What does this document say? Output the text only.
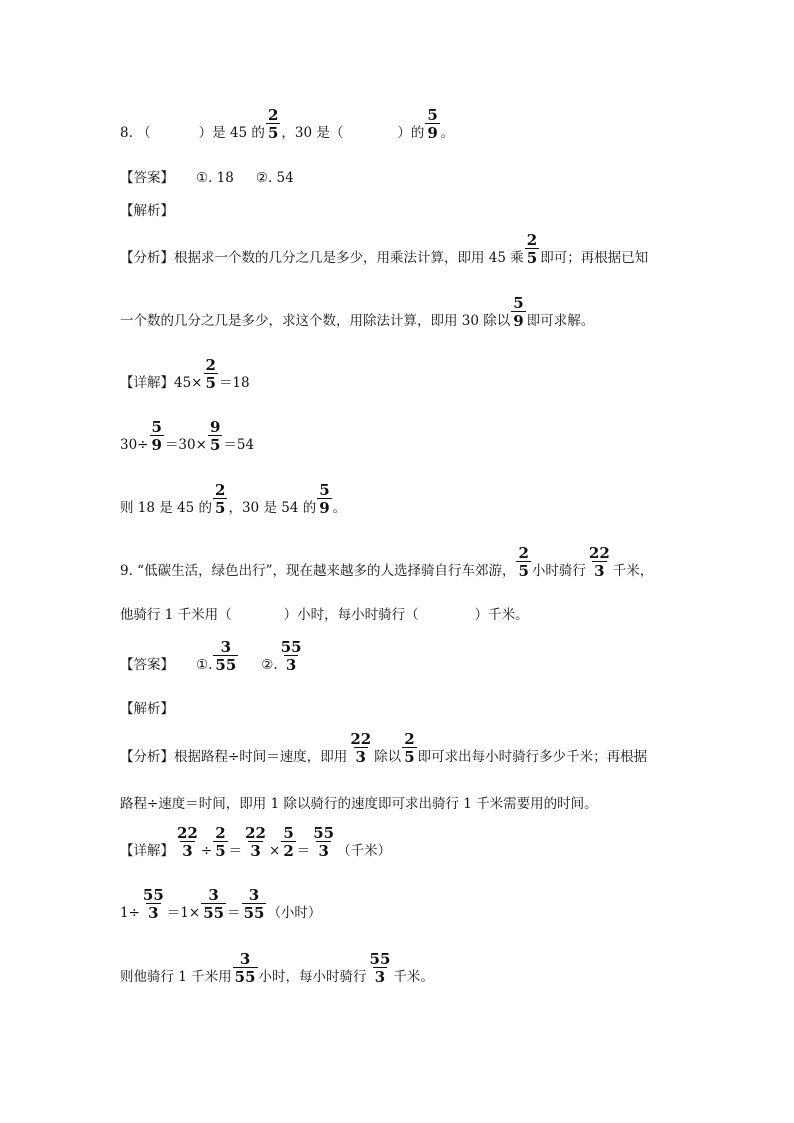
8. （	）是 45 的 $\frac{2}{5}$ ，30 是（	）的 $\frac{5}{9}$ 。
【答案】 ①. 18 ②. 54
【解析】
【分析】根据求一个数的几分之几是多少，用乘法计算，即用 45 乘 $\frac{2}{5}$ 即可；再根据已知
一个数的几分之几是多少，求这个数，用除法计算，即用 30 除以 $\frac{5}{9}$ 即可求解。
【详解】$45\times \frac{2}{5} =18$
$30\div \frac{5}{9} =30\times \frac{9}{5} =54$
则 18 是 45 的 $\frac{2}{5}$ ，30 是 54 的 $\frac{5}{9}$ 。
9. “低碳生活，绿色出行”，现在越来越多的人选择骑自行车郊游， $\frac{2}{5}$ 小时骑行 $\frac{22}{3}$ 千米，
他骑行 1 千米用（	）小时，每小时骑行（	）千米。
【答案】 ①. $\frac{3}{55}$ ②. $\frac{55}{3}$
【解析】
【分析】根据路程÷时间＝速度，即用 $\frac{22}{3}$ 除以 $\frac{2}{5}$ 即可求出每小时骑行多少千米；再根据
路程÷速度＝时间，即用 1 除以骑行的速度即可求出骑行 1 千米需要用的时间。
【详解】 $\frac{22}{3} \div \frac{2}{5} = \frac{22}{3} \times \frac{5}{2} = \frac{55}{3}$ （千米）
$1\div \frac{55}{3} =1\times \frac{3}{55} = \frac{3}{55}$ （小时）
则他骑行 1 千米用 $\frac{3}{55}$ 小时，每小时骑行 $\frac{55}{3}$ 千米。
